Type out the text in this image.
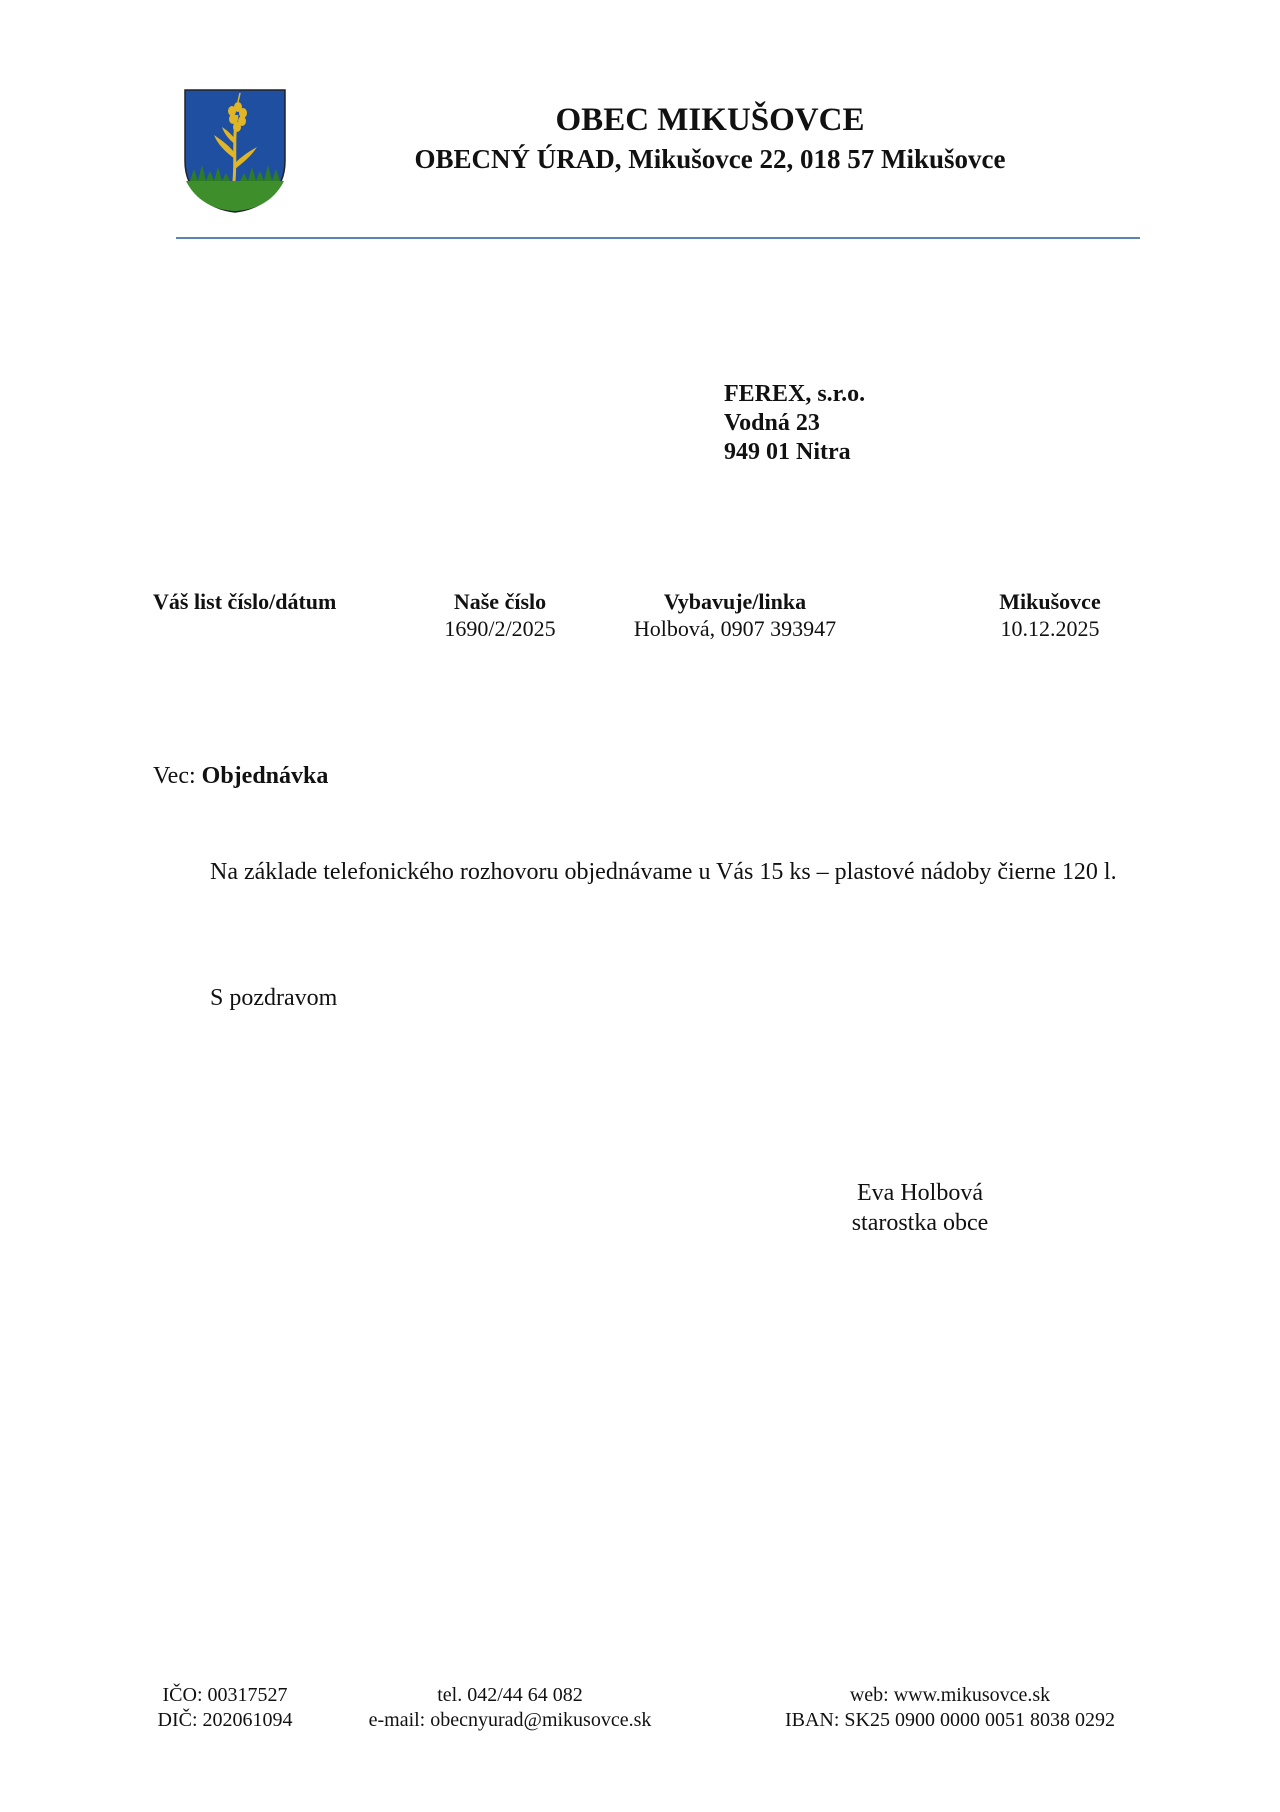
OBEC MIKUŠOVCE
OBECNÝ ÚRAD, Mikušovce 22, 018 57 Mikušovce
FEREX, s.r.o.
Vodná 23
949 01 Nitra
Váš list číslo/dátum	Naše číslo
1690/2/2025
Vybavuje/linka
Holbová, 0907 393947
Mikušovce
10.12.2025
Vec: Objednávka
Na základe telefonického rozhovoru objednávame u Vás 15 ks – plastové nádoby čierne 120 l.
S pozdravom
Eva Holbová
starostka obce
IČO: 00317527
DIČ: 202061094
tel. 042/44 64 082
e-mail: obecnyurad@mikusovce.sk
web: www.mikusovce.sk
IBAN: SK25 0900 0000 0051 8038 0292
